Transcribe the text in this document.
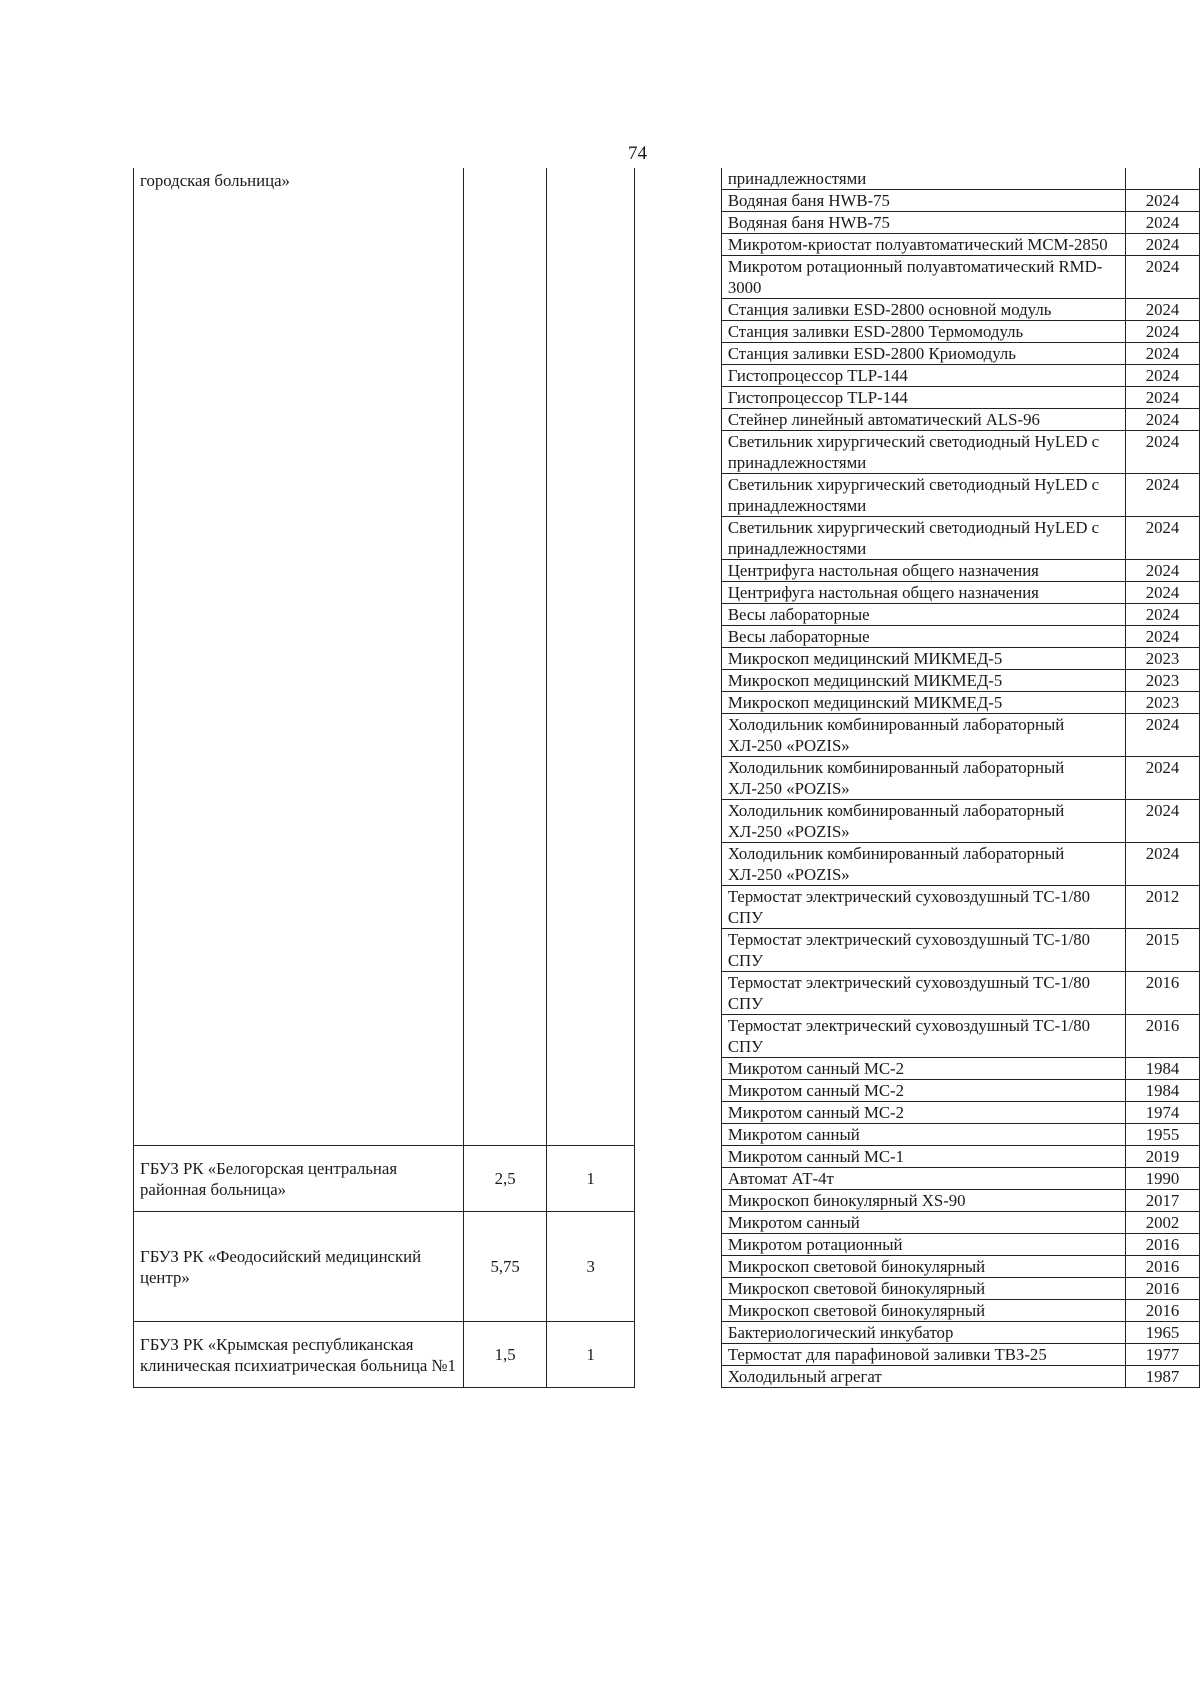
74
городская больница»				принадлежностями	
				Водяная баня HWB-75	2024
				Водяная баня HWB-75	2024
				Микротом-криостат полуавтоматический МСМ-2850	2024
				Микротом ротационный полуавтоматический RMD-3000	2024
				Станция заливки ESD-2800 основной модуль	2024
				Станция заливки ESD-2800 Термомодуль	2024
				Станция заливки ESD-2800 Криомодуль	2024
				Гистопроцессор TLP-144	2024
				Гистопроцессор TLP-144	2024
				Стейнер линейный автоматический ALS-96	2024
				Светильник хирургический светодиодный HyLED с принадлежностями	2024
				Светильник хирургический светодиодный HyLED с принадлежностями	2024
				Светильник хирургический светодиодный HyLED с принадлежностями	2024
				Центрифуга настольная общего назначения	2024
				Центрифуга настольная общего назначения	2024
				Весы лабораторные	2024
				Весы лабораторные	2024
				Микроскоп медицинский МИКМЕД-5	2023
				Микроскоп медицинский МИКМЕД-5	2023
				Микроскоп медицинский МИКМЕД-5	2023
				Холодильник комбинированный лабораторный ХЛ-250 «POZIS»	2024
				Холодильник комбинированный лабораторный ХЛ-250 «POZIS»	2024
				Холодильник комбинированный лабораторный ХЛ-250 «POZIS»	2024
				Холодильник комбинированный лабораторный ХЛ-250 «POZIS»	2024
				Термостат электрический суховоздушный ТС-1/80 СПУ	2012
				Термостат электрический суховоздушный ТС-1/80 СПУ	2015
				Термостат электрический суховоздушный ТС-1/80 СПУ	2016
				Термостат электрический суховоздушный ТС-1/80 СПУ	2016
				Микротом санный МС-2	1984
				Микротом санный МС-2	1984
				Микротом санный МС-2	1974
				Микротом санный	1955
ГБУЗ РК «Белогорская центральная районная больница»	2,5	1		Микротом санный МС-1	2019
				Автомат АТ-4т	1990
				Микроскоп бинокулярный XS-90	2017
ГБУЗ РК «Феодосийский медицинский центр»	5,75	3		Микротом санный	2002
				Микротом ротационный	2016
				Микроскоп световой бинокулярный	2016
				Микроскоп световой бинокулярный	2016
				Микроскоп световой бинокулярный	2016
ГБУЗ РК «Крымская республиканская клиническая психиатрическая больница №1	1,5	1		Бактериологический инкубатор	1965
				Термостат для парафиновой заливки ТВЗ-25	1977
				Холодильный агрегат	1987
